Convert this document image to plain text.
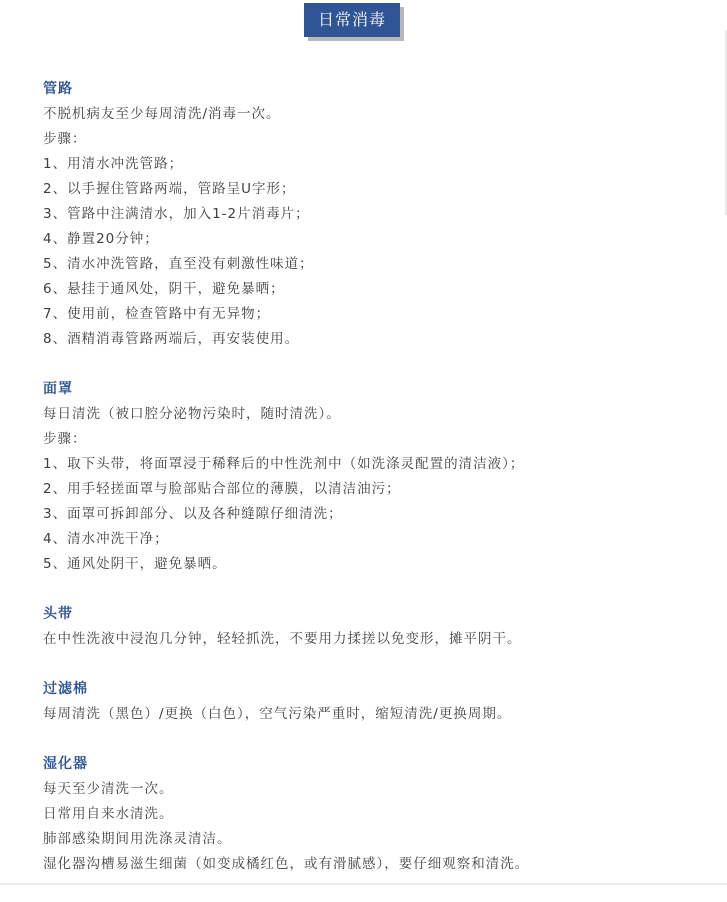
日常消毒
管路
不脱机病友至少每周清洗/消毒一次。
步骤：
1、用清水冲洗管路；
2、以手握住管路两端，管路呈U字形；
3、管路中注满清水，加入1-2片消毒片；
4、静置20分钟；
5、清水冲洗管路，直至没有刺激性味道；
6、悬挂于通风处，阴干，避免暴晒；
7、使用前，检查管路中有无异物；
8、酒精消毒管路两端后，再安装使用。
面罩
每日清洗（被口腔分泌物污染时，随时清洗）。
步骤：
1、取下头带，将面罩浸于稀释后的中性洗剂中（如洗涤灵配置的清洁液）；
2、用手轻搓面罩与脸部贴合部位的薄膜，以清洁油污；
3、面罩可拆卸部分、以及各种缝隙仔细清洗；
4、清水冲洗干净；
5、通风处阴干，避免暴晒。
头带
在中性洗液中浸泡几分钟，轻轻抓洗，不要用力揉搓以免变形，摊平阴干。
过滤棉
每周清洗（黑色）/更换（白色），空气污染严重时，缩短清洗/更换周期。
湿化器
每天至少清洗一次。
日常用自来水清洗。
肺部感染期间用洗涤灵清洁。
湿化器沟槽易滋生细菌（如变成橘红色，或有滑腻感），要仔细观察和清洗。
